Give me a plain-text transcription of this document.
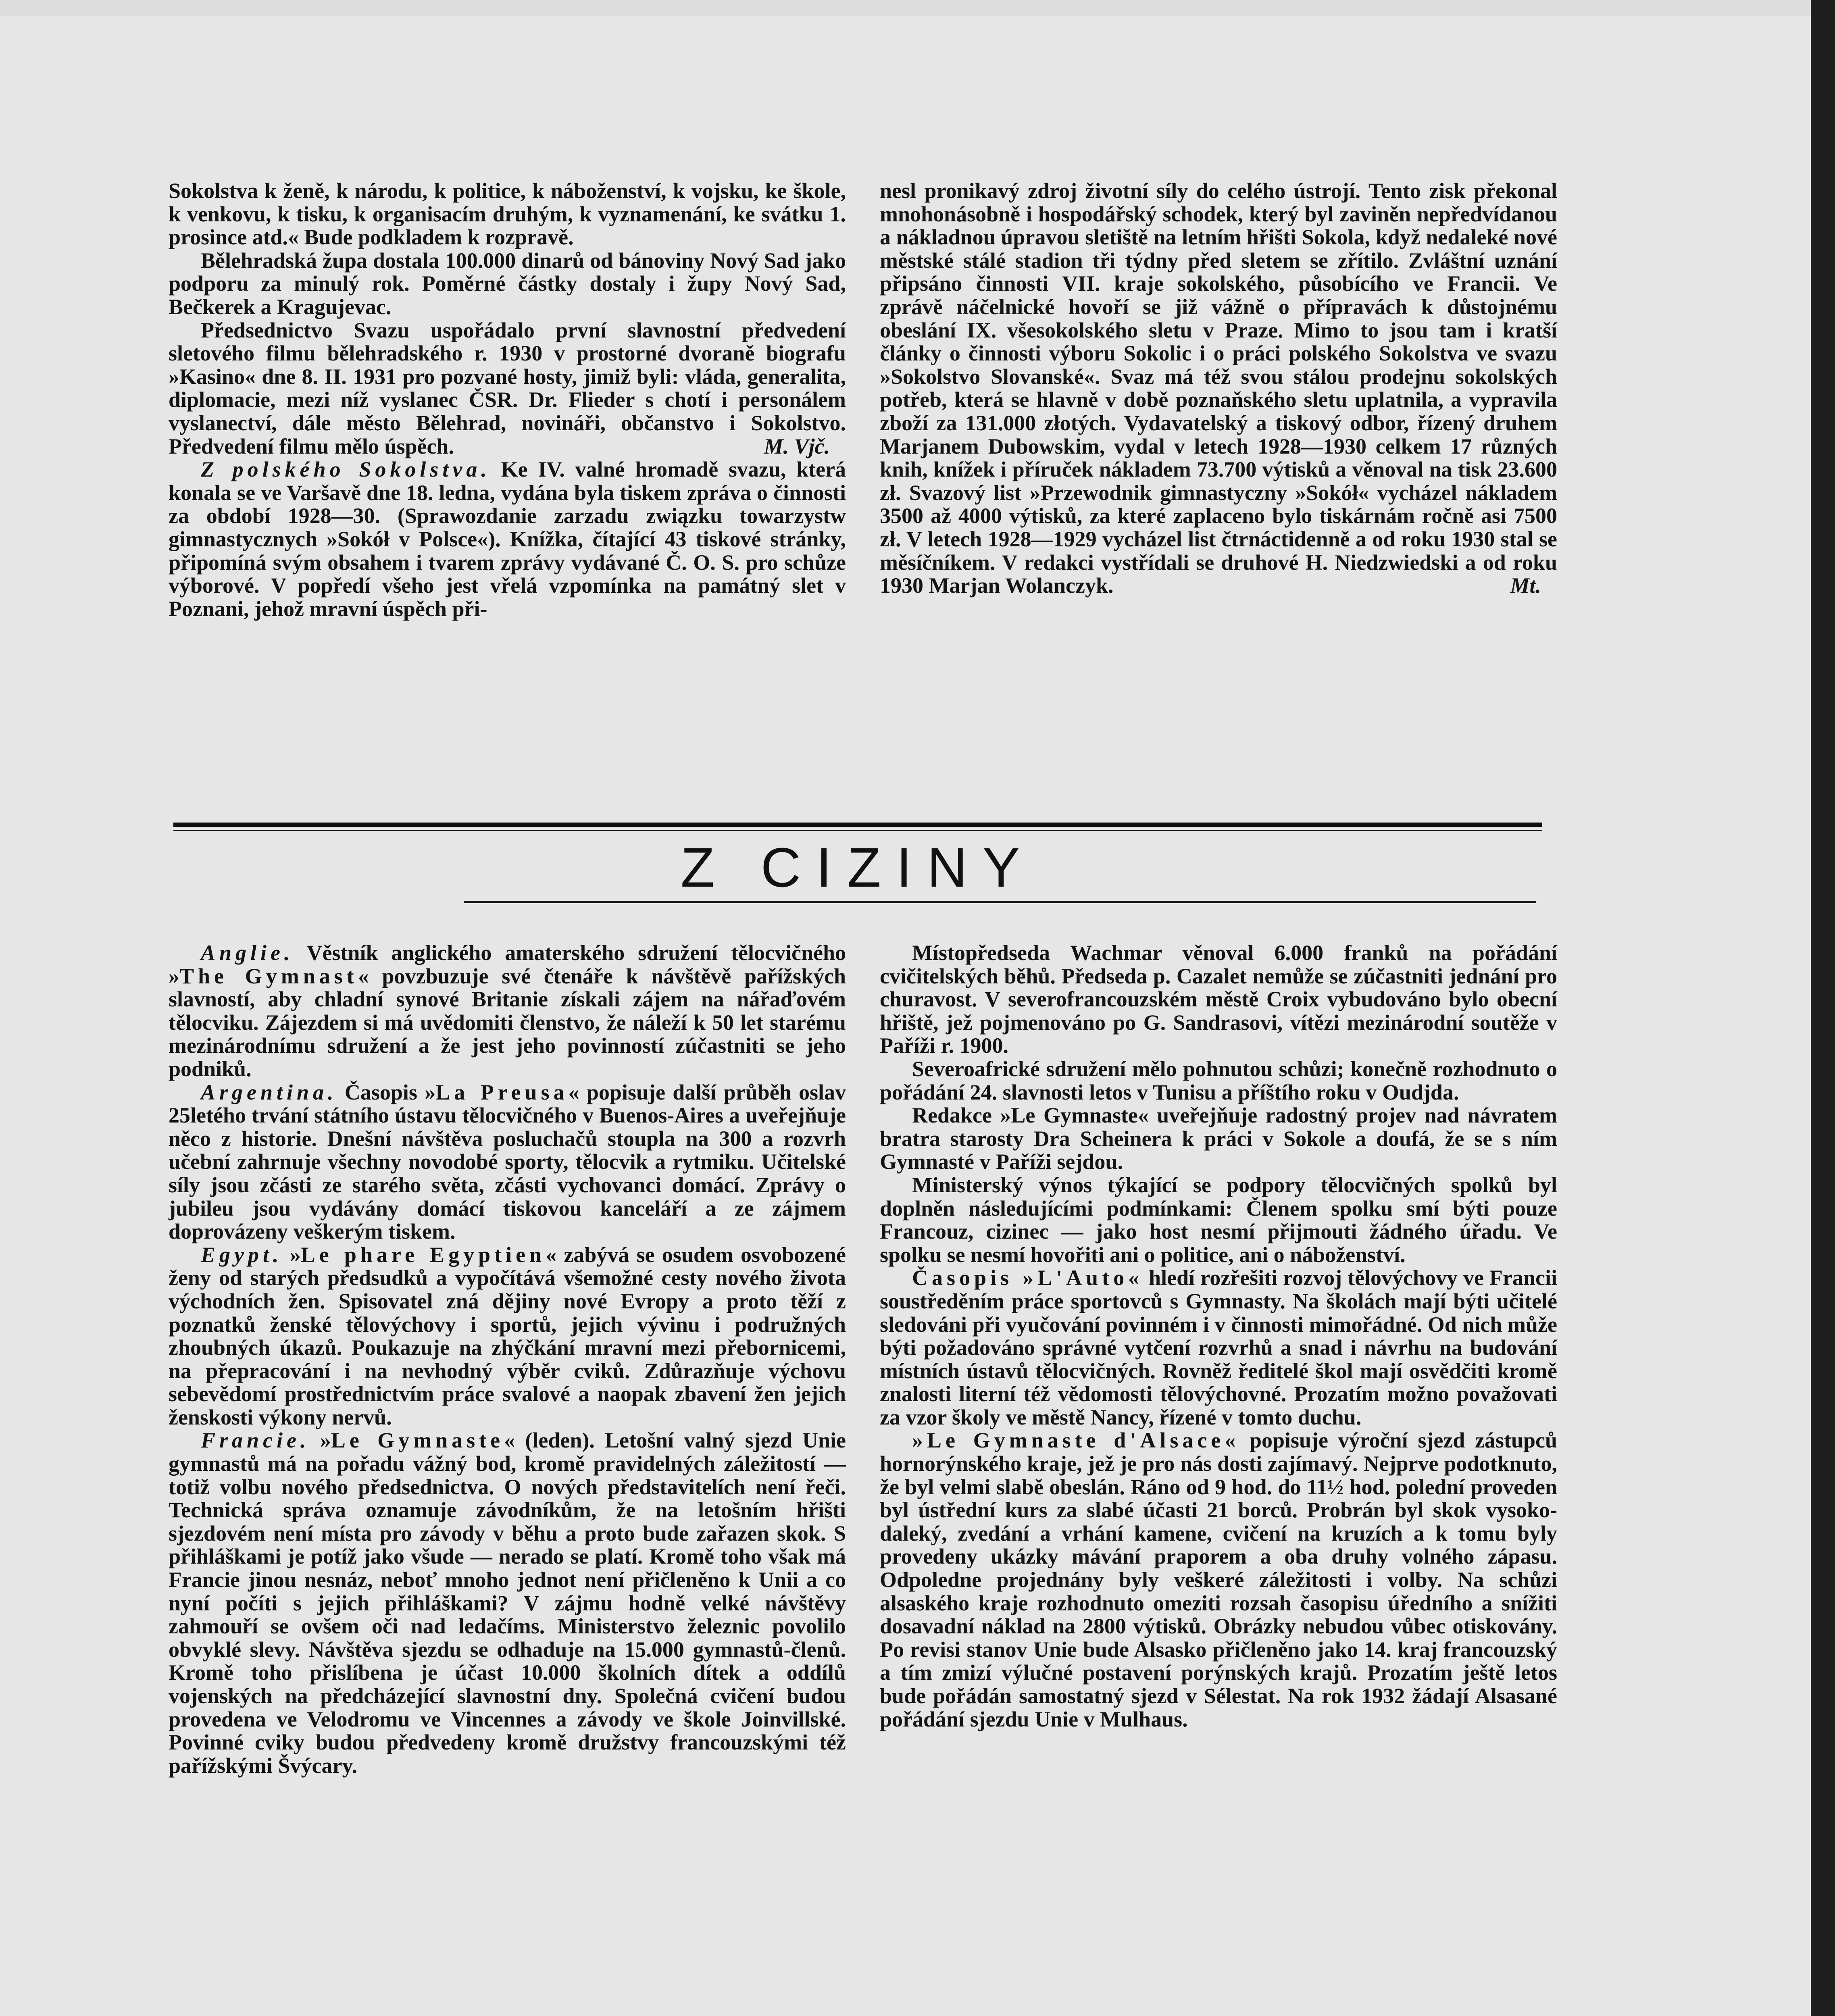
Sokolstva k ženě, k národu, k politice, k náboženství, k vojsku, ke škole, k venkovu, k tisku, k organisacím druhým, k vyznamenání, ke svátku 1. prosince atd.« Bude podkladem k rozpravě.

Bělehradská župa dostala 100.000 dinarů od bánoviny Nový Sad jako podporu za minulý rok. Poměrné částky dostaly i župy Nový Sad, Bečkerek a Kragujevac.

Předsednictvo Svazu uspořádalo první slavnostní předvedení sletového filmu bělehradského r. 1930 v prostorné dvoraně biografu »Kasino« dne 8. II. 1931 pro pozvané hosty, jimiž byli: vláda, generalita, diplomacie, mezi níž vyslanec ČSR. Dr. Flieder s chotí i personálem vyslanectví, dále město Bělehrad, novináři, občanstvo i Sokolstvo. Předvedení filmu mělo úspěch.	M. Vjč.

Z polského Sokolstva. Ke IV. valné hromadě svazu, která konala se ve Varšavě dne 18. ledna, vydána byla tiskem zpráva o činnosti za období 1928—30. (Sprawozdanie zarzadu związku towarzystw gimnastycznych »Sokół v Polsce«). Knížka, čítající 43 tiskové stránky, připomíná svým obsahem i tvarem zprávy vydávané Č. O. S. pro schůze výborové. V popředí všeho jest vřelá vzpomínka na památný slet v Poznani, jehož mravní úspěch při-

nesl pronikavý zdroj životní síly do celého ústrojí. Tento zisk překonal mnohonásobně i hospodářský schodek, který byl zaviněn nepředvídanou a nákladnou úpravou sletiště na letním hřišti Sokola, když nedaleké nové městské stálé stadion tři týdny před sletem se zřítilo. Zvláštní uznání připsáno činnosti VII. kraje sokolského, působícího ve Francii. Ve zprávě náčelnické hovoří se již vážně o přípravách k důstojnému obeslání IX. všesokolského sletu v Praze. Mimo to jsou tam i kratší články o činnosti výboru Sokolic i o práci polského Sokolstva ve svazu »Sokolstvo Slovanské«. Svaz má též svou stálou prodejnu sokolských potřeb, která se hlavně v době poznaňského sletu uplatnila, a vypravila zboží za 131.000 złotých. Vydavatelský a tiskový odbor, řízený druhem Marjanem Dubowskim, vydal v letech 1928—1930 celkem 17 různých knih, knížek i příruček nákladem 73.700 výtisků a věnoval na tisk 23.600 zł. Svazový list »Przewodnik gimnastyczny »Sokół« vycházel nákladem 3500 až 4000 výtisků, za které zaplaceno bylo tiskárnám ročně asi 7500 zł. V letech 1928—1929 vycházel list čtrnáctidenně a od roku 1930 stal se měsíčníkem. V redakci vystřídali se druhové H. Niedzwiedski a od roku 1930 Marjan Wolanczyk.	Mt.

Z CIZINY

Anglie. Věstník anglického amaterského sdružení tělocvičného »The Gymnast« povzbuzuje své čtenáře k návštěvě pařížských slavností, aby chladní synové Britanie získali zájem na nářaďovém tělocviku. Zájezdem si má uvědomiti členstvo, že náleží k 50 let starému mezinárodnímu sdružení a že jest jeho povinností zúčastniti se jeho podniků.

Argentina. Časopis »La Preusa« popisuje další průběh oslav 25letého trvání státního ústavu tělocvičného v Buenos-Aires a uveřejňuje něco z historie. Dnešní návštěva posluchačů stoupla na 300 a rozvrh učební zahrnuje všechny novodobé sporty, tělocvik a rytmiku. Učitelské síly jsou zčásti ze starého světa, zčásti vychovanci domácí. Zprávy o jubileu jsou vydávány domácí tiskovou kanceláří a ze zájmem doprovázeny veškerým tiskem.

Egypt. »Le phare Egyptien« zabývá se osudem osvobozené ženy od starých předsudků a vypočítává všemožné cesty nového života východních žen. Spisovatel zná dějiny nové Evropy a proto těží z poznatků ženské tělovýchovy i sportů, jejich vývinu i podružných zhoubných úkazů. Poukazuje na zhýčkání mravní mezi přebornicemi, na přepracování i na nevhodný výběr cviků. Zdůrazňuje výchovu sebevědomí prostřednictvím práce svalové a naopak zbavení žen jejich ženskosti výkony nervů.

Francie. »Le Gymnaste« (leden). Letošní valný sjezd Unie gymnastů má na pořadu vážný bod, kromě pravidelných záležitostí — totiž volbu nového předsednictva. O nových představitelích není řeči. Technická správa oznamuje závodníkům, že na letošním hřišti sjezdovém není místa pro závody v běhu a proto bude zařazen skok. S přihláškami je potíž jako všude — nerado se platí. Kromě toho však má Francie jinou nesnáz, neboť mnoho jednot není přičleněno k Unii a co nyní počíti s jejich přihláškami? V zájmu hodně velké návštěvy zahmouří se ovšem oči nad ledačíms. Ministerstvo železnic povolilo obvyklé slevy. Návštěva sjezdu se odhaduje na 15.000 gymnastů-členů. Kromě toho přislíbena je účast 10.000 školních dítek a oddílů vojenských na předcházející slavnostní dny. Společná cvičení budou provedena ve Velodromu ve Vincennes a závody ve škole Joinvillské. Povinné cviky budou předvedeny kromě družstvy francouzskými též pařížskými Švýcary.

Místopředseda Wachmar věnoval 6.000 franků na pořádání cvičitelských běhů. Předseda p. Cazalet nemůže se zúčastniti jednání pro churavost. V severofrancouzském městě Croix vybudováno bylo obecní hřiště, jež pojmenováno po G. Sandrasovi, vítězi mezinárodní soutěže v Paříži r. 1900.

Severoafrické sdružení mělo pohnutou schůzi; konečně rozhodnuto o pořádání 24. slavnosti letos v Tunisu a příštího roku v Oudjda.

Redakce »Le Gymnaste« uveřejňuje radostný projev nad návratem bratra starosty Dra Scheinera k práci v Sokole a doufá, že se s ním Gymnasté v Paříži sejdou.

Ministerský výnos týkající se podpory tělocvičných spolků byl doplněn následujícími podmínkami: Členem spolku smí býti pouze Francouz, cizinec — jako host nesmí přijmouti žádného úřadu. Ve spolku se nesmí hovořiti ani o politice, ani o náboženství.

Časopis »L'Auto« hledí rozřešiti rozvoj tělovýchovy ve Francii soustředěním práce sportovců s Gymnasty. Na školách mají býti učitelé sledováni při vyučování povinném i v činnosti mimořádné. Od nich může býti požadováno správné vytčení rozvrhů a snad i návrhu na budování místních ústavů tělocvičných. Rovněž ředitelé škol mají osvědčiti kromě znalosti literní též vědomosti tělovýchovné. Prozatím možno považovati za vzor školy ve městě Nancy, řízené v tomto duchu.

»Le Gymnaste d'Alsace« popisuje výroční sjezd zástupců hornorýnského kraje, jež je pro nás dosti zajímavý. Nejprve podotknuto, že byl velmi slabě obeslán. Ráno od 9 hod. do 11½ hod. polední proveden byl ústřední kurs za slabé účasti 21 borců. Probrán byl skok vysoko-daleký, zvedání a vrhání kamene, cvičení na kruzích a k tomu byly provedeny ukázky mávání praporem a oba druhy volného zápasu. Odpoledne projednány byly veškeré záležitosti i volby. Na schůzi alsaského kraje rozhodnuto omeziti rozsah časopisu úředního a snížiti dosavadní náklad na 2800 výtisků. Obrázky nebudou vůbec otiskovány. Po revisi stanov Unie bude Alsasko přičleněno jako 14. kraj francouzský a tím zmizí výlučné postavení porýnských krajů. Prozatím ještě letos bude pořádán samostatný sjezd v Sélestat. Na rok 1932 žádají Alsasané pořádání sjezdu Unie v Mulhaus.
